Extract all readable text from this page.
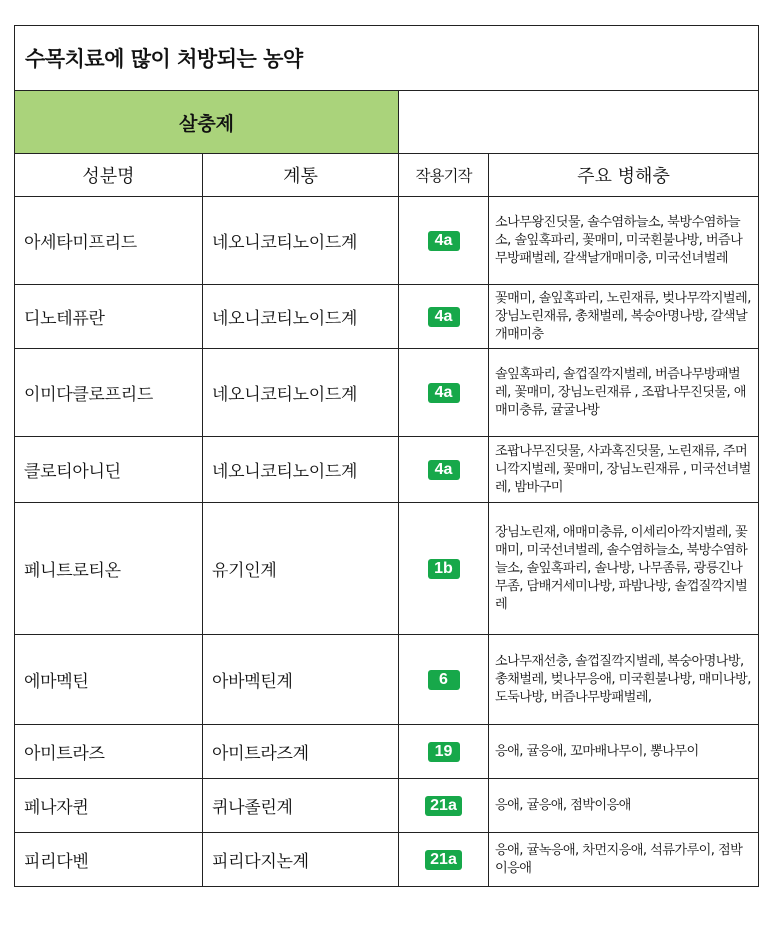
수목치료에 많이 처방되는 농약			
살충제			
성분명	계통	작용기작	주요 병해충
아세타미프리드	네오니코티노이드계	4a	소나무왕진딧물, 솔수염하늘소, 북방수염하늘소, 솔잎혹파리, 꽃매미, 미국흰불나방, 버즘나무방패벌레, 갈색날개매미충, 미국선녀벌레
디노테퓨란	네오니코티노이드계	4a	꽃매미, 솔잎혹파리, 노린재류, 벚나무깍지벌레, 장님노린재류, 총채벌레, 복숭아명나방, 갈색날개매미충
이미다클로프리드	네오니코티노이드계	4a	솔잎혹파리, 솔껍질깍지벌레, 버즘나무방패벌레, 꽃매미, 장님노린재류 , 조팝나무진딧물, 애매미충류, 귤굴나방
클로티아니딘	네오니코티노이드계	4a	조팝나무진딧물, 사과혹진딧물, 노린재류, 주머니깍지벌레, 꽃매미, 장님노린재류 , 미국선녀벌레, 밤바구미
페니트로티온	유기인계	1b	장님노린재, 애매미충류, 이세리아깍지벌레, 꽃매미, 미국선녀벌레, 솔수염하늘소, 북방수염하늘소, 솔잎혹파리, 솔나방, 나무좀류, 광릉긴나무좀, 담배거세미나방, 파밤나방, 솔껍질깍지벌레
에마멕틴	아바멕틴계	6	소나무재선충, 솔껍질깍지벌레, 복숭아명나방, 총채벌레, 벚나무응애, 미국흰불나방, 매미나방, 도둑나방, 버즘나무방패벌레,
아미트라즈	아미트라즈계	19	응애, 귤응애, 꼬마배나무이, 뽕나무이
페나자퀸	퀴나졸린계	21a	응애, 귤응애, 점박이응애
피리다벤	피리다지논계	21a	응애, 귤녹응애, 차먼지응애, 석류가루이, 점박이응애
